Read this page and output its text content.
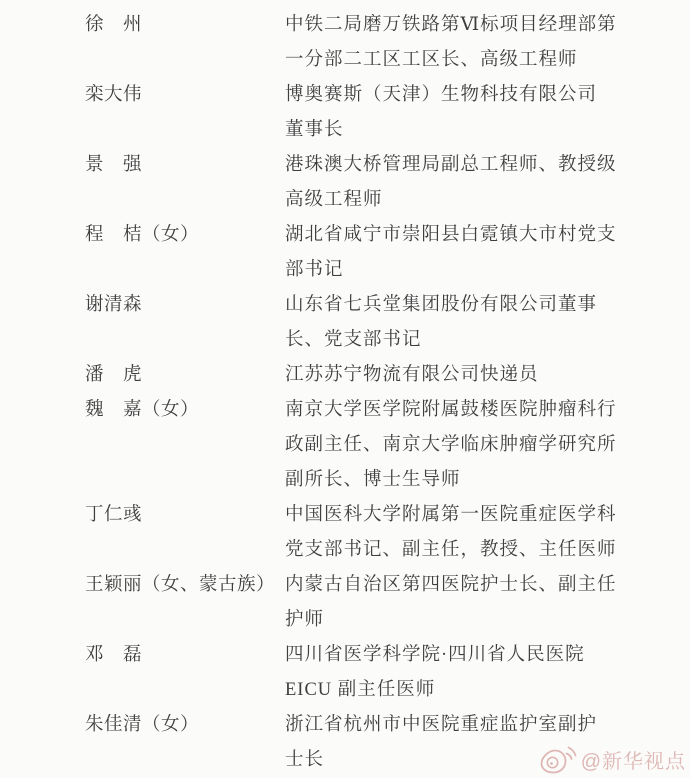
徐　州	中铁二局磨万铁路第Ⅵ标项目经理部第
一分部二工区工区长、高级工程师
栾大伟	博奥赛斯（天津）生物科技有限公司
董事长
景　强	港珠澳大桥管理局副总工程师、教授级
高级工程师
程　桔（女）	湖北省咸宁市崇阳县白霓镇大市村党支
部书记
谢清森	山东省七兵堂集团股份有限公司董事
长、党支部书记
潘　虎	江苏苏宁物流有限公司快递员
魏　嘉（女）	南京大学医学院附属鼓楼医院肿瘤科行
政副主任、南京大学临床肿瘤学研究所
副所长、博士生导师
丁仁彧	中国医科大学附属第一医院重症医学科
党支部书记、副主任，教授、主任医师
王颖丽（女、蒙古族） 内蒙古自治区第四医院护士长、副主任
护师
邓　磊	四川省医学科学院·四川省人民医院
EICU 副主任医师
朱佳清（女）	浙江省杭州市中医院重症监护室副护
士长	@新华视点
